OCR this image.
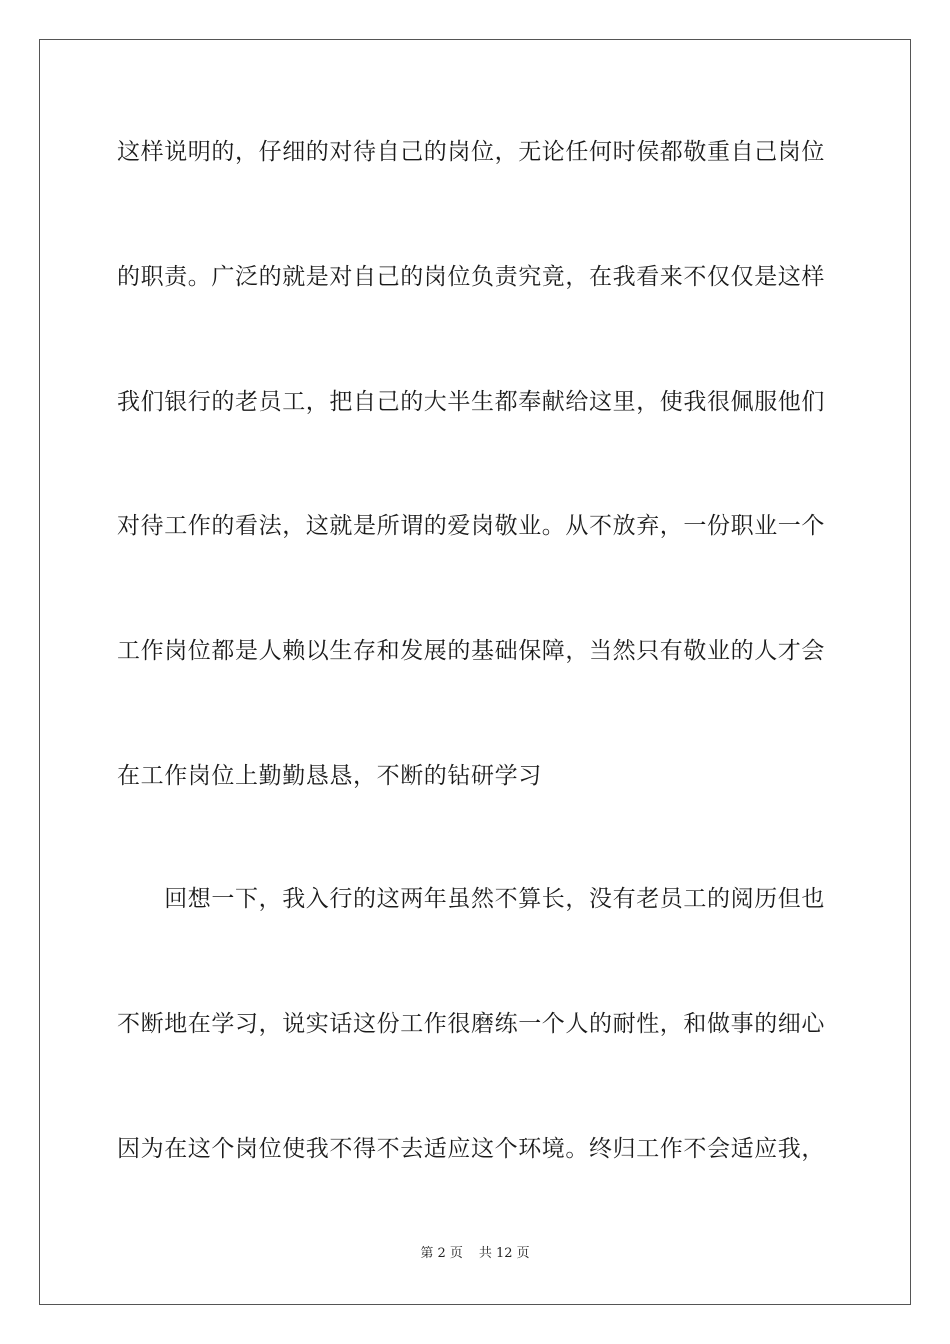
这样说明的，仔细的对待自己的岗位，无论任何时侯都敬重自己岗位
的职责。广泛的就是对自己的岗位负责究竟，在我看来不仅仅是这样
我们银行的老员工，把自己的大半生都奉献给这里，使我很佩服他们
对待工作的看法，这就是所谓的爱岗敬业。从不放弃，一份职业一个
工作岗位都是人赖以生存和发展的基础保障，当然只有敬业的人才会
在工作岗位上勤勤恳恳，不断的钻研学习
　　回想一下，我入行的这两年虽然不算长，没有老员工的阅历但也
不断地在学习，说实话这份工作很磨练一个人的耐性，和做事的细心
因为在这个岗位使我不得不去适应这个环境。终归工作不会适应我，
第 2 页 共 12 页
